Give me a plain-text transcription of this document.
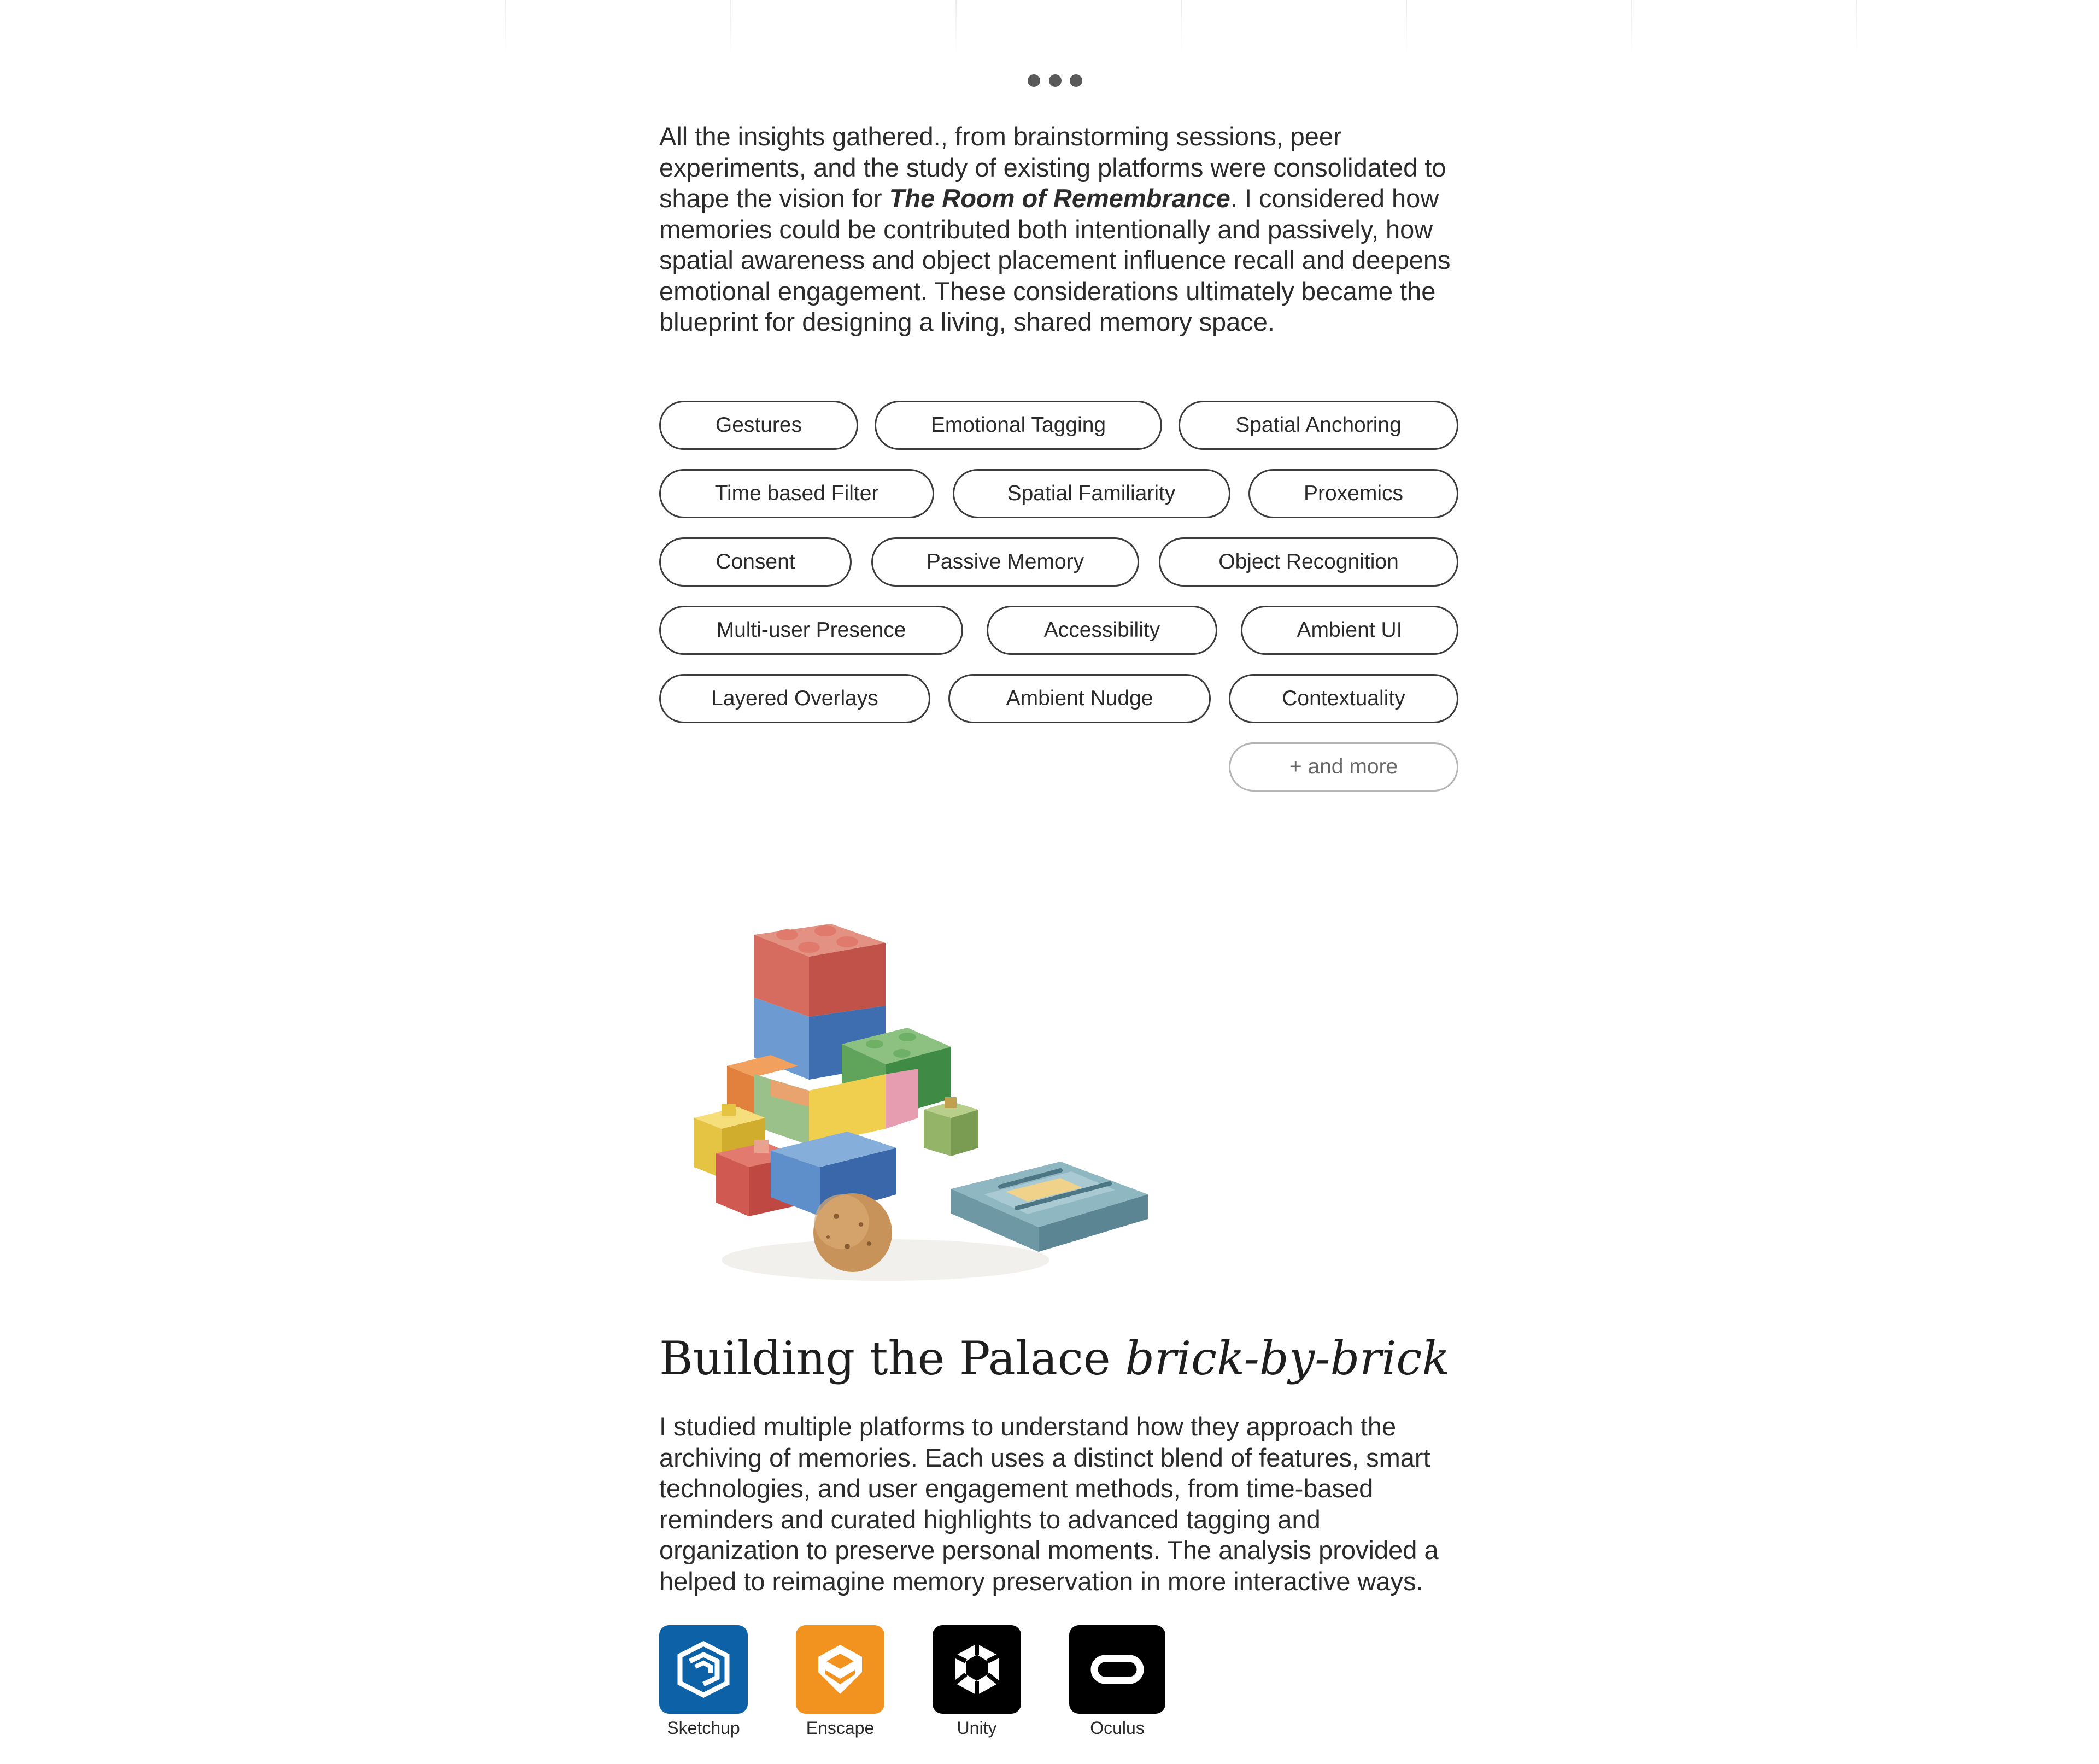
All the insights gathered., from brainstorming sessions, peer experiments, and the study of existing platforms were consolidated to shape the vision for The Room of Remembrance. I considered how memories could be contributed both intentionally and passively, how spatial awareness and object placement influence recall and deepens emotional engagement. These considerations ultimately became the blueprint for designing a living, shared memory space.

Gestures	Emotional Tagging	Spatial Anchoring
Time based Filter	Spatial Familiarity	Proxemics
Consent	Passive Memory	Object Recognition
Multi-user Presence	Accessibility	Ambient UI
Layered Overlays	Ambient Nudge	Contextuality
+ and more
Building the Palace brick-by-brick

I studied multiple platforms to understand how they approach the archiving of memories. Each uses a distinct blend of features, smart technologies, and user engagement methods, from time-based reminders and curated highlights to advanced tagging and organization to preserve personal moments. The analysis provided a helped to reimagine memory preservation in more interactive ways.

Sketchup	Enscape	Unity	Oculus
